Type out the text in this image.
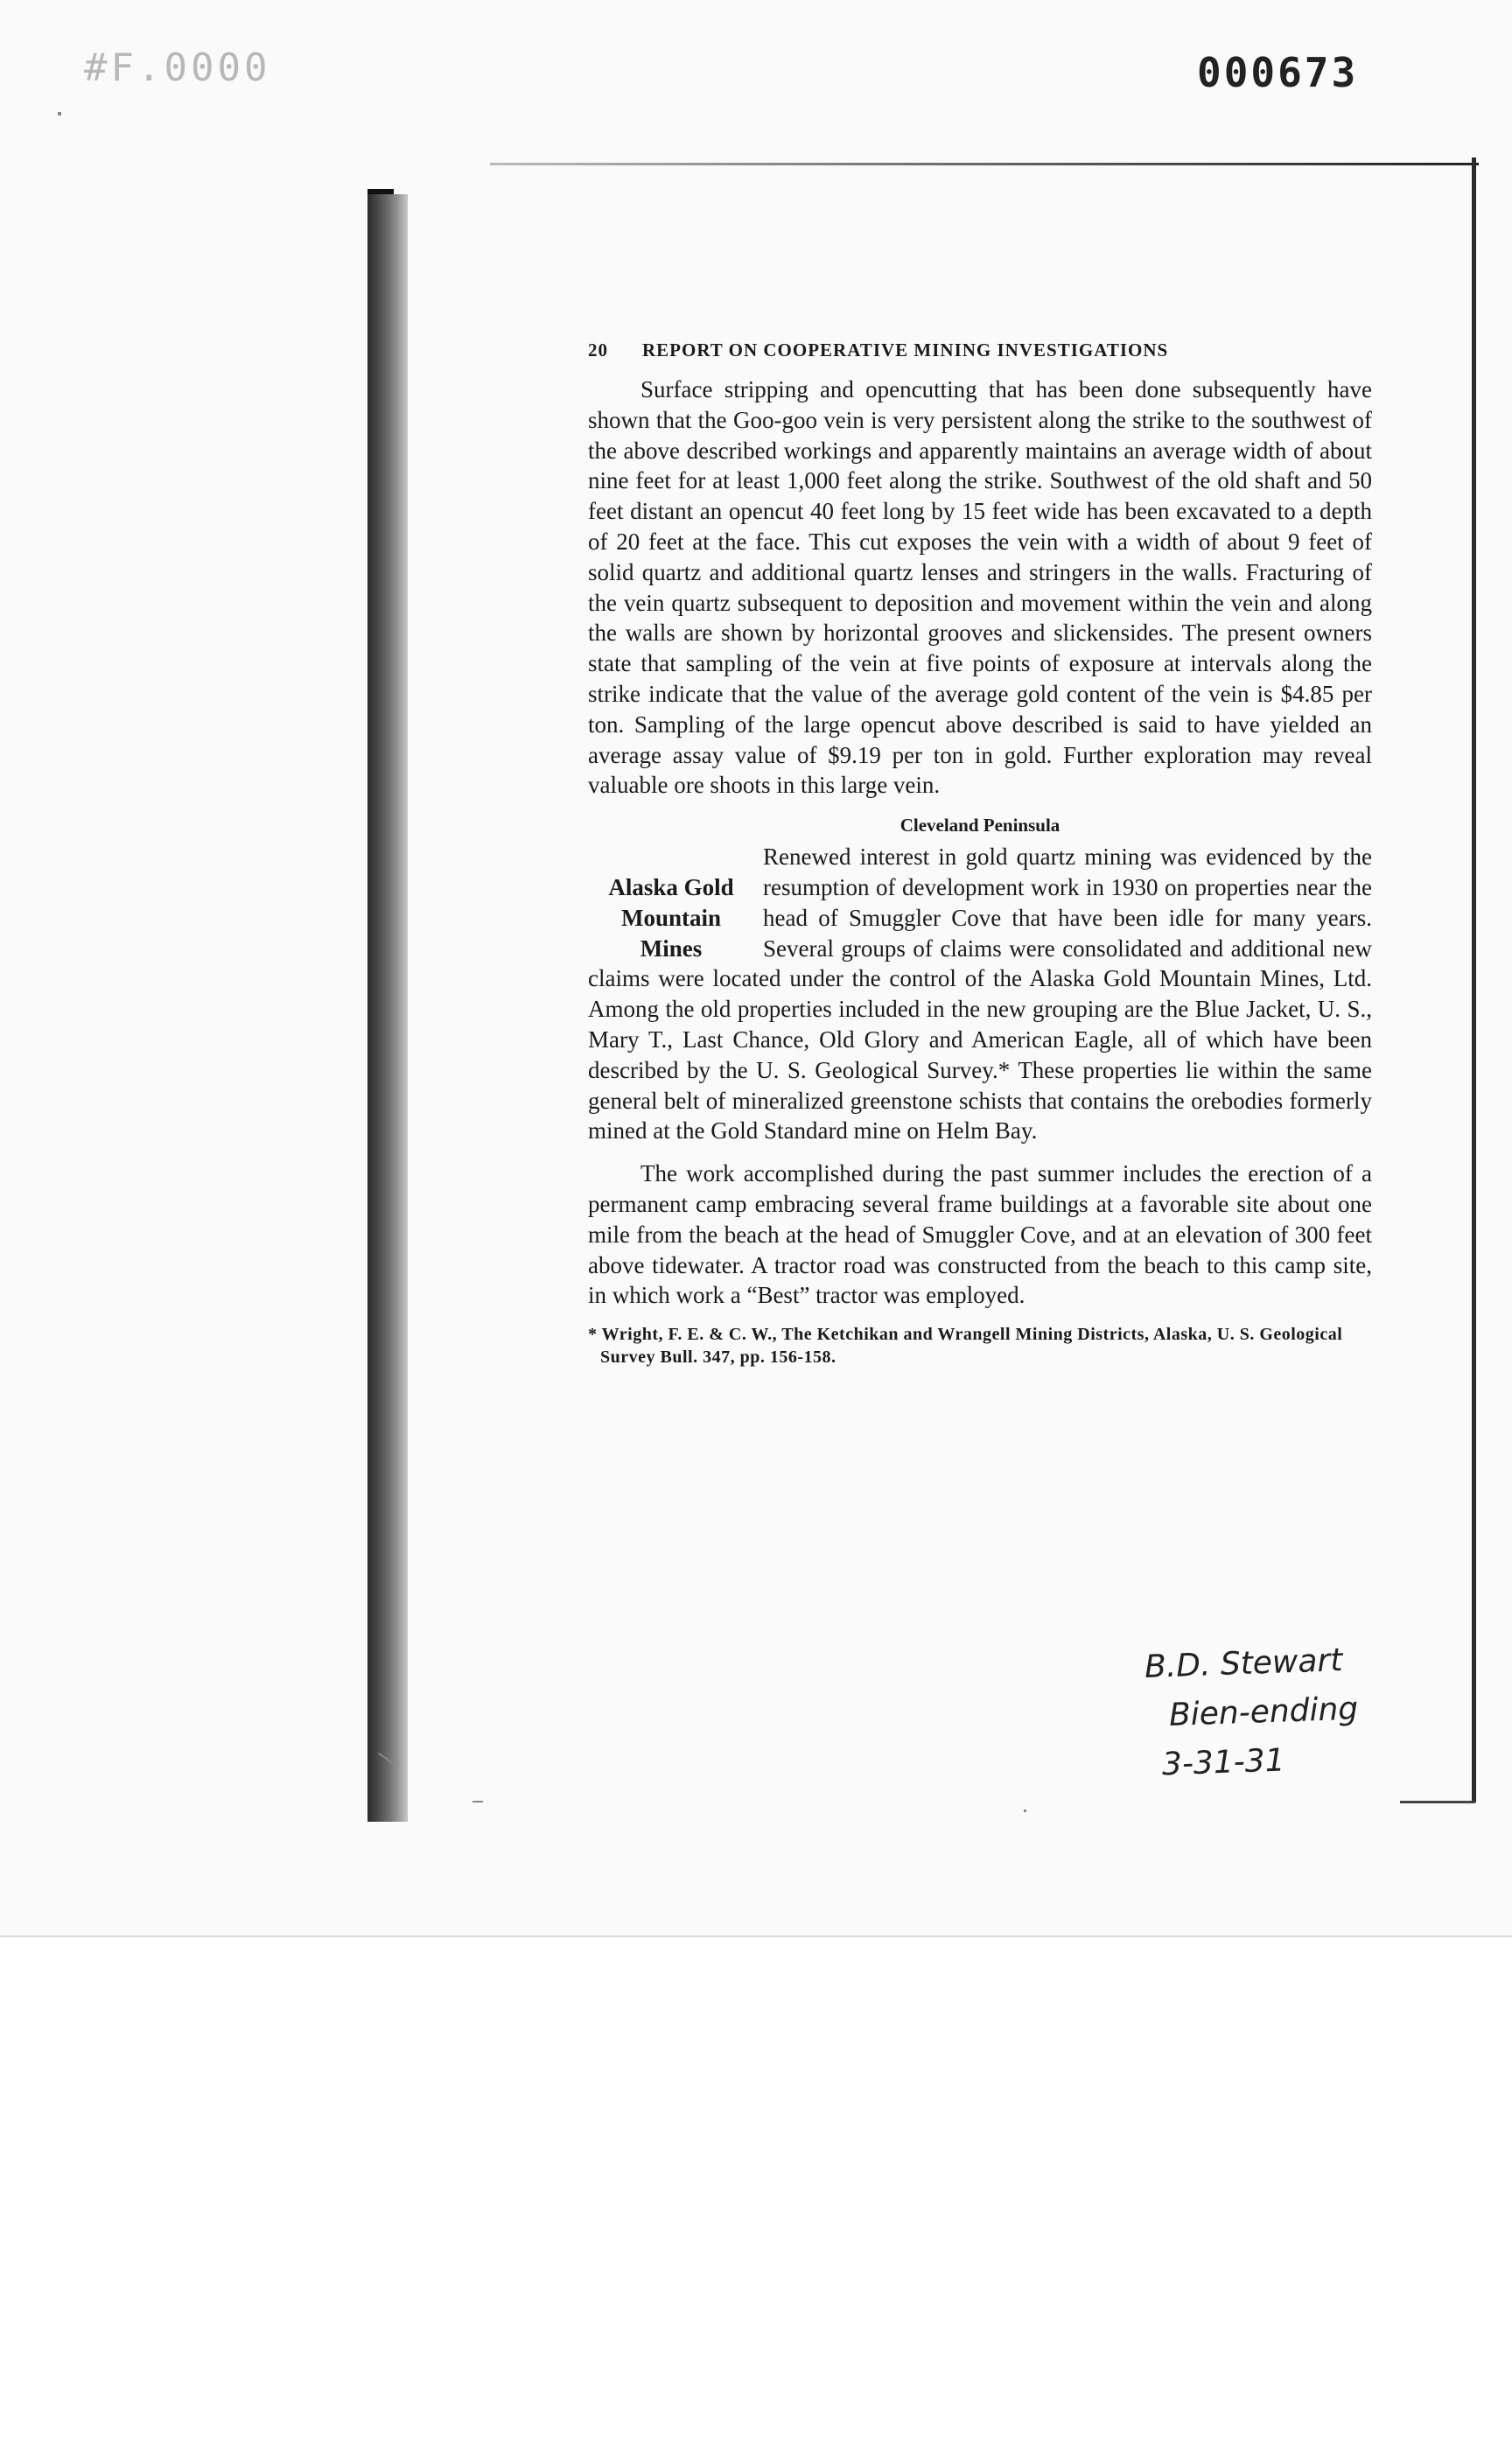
#F.0000	000673
20	REPORT ON COOPERATIVE MINING INVESTIGATIONS

Surface stripping and opencutting that has been done subsequently have shown that the Goo-goo vein is very persistent along the strike to the southwest of the above described workings and apparently maintains an average width of about nine feet for at least 1,000 feet along the strike. Southwest of the old shaft and 50 feet distant an opencut 40 feet long by 15 feet wide has been excavated to a depth of 20 feet at the face. This cut exposes the vein with a width of about 9 feet of solid quartz and additional quartz lenses and stringers in the walls. Fracturing of the vein quartz subsequent to deposition and movement within the vein and along the walls are shown by horizontal grooves and slickensides. The present owners state that sampling of the vein at five points of exposure at intervals along the strike indicate that the value of the average gold content of the vein is $4.85 per ton. Sampling of the large opencut above described is said to have yielded an average assay value of $9.19 per ton in gold. Further exploration may reveal valuable ore shoots in this large vein.

Cleveland Peninsula
Alaska Gold
Mountain
Mines

Renewed interest in gold quartz mining was evidenced by the resumption of development work in 1930 on properties near the head of Smuggler Cove that have been idle for many years. Several groups of claims were consolidated and additional new claims were located under the control of the Alaska Gold Mountain Mines, Ltd. Among the old properties included in the new grouping are the Blue Jacket, U. S., Mary T., Last Chance, Old Glory and American Eagle, all of which have been described by the U. S. Geological Survey.* These properties lie within the same general belt of mineralized greenstone schists that contains the orebodies formerly mined at the Gold Standard mine on Helm Bay.

The work accomplished during the past summer includes the erection of a permanent camp embracing several frame buildings at a favorable site about one mile from the beach at the head of Smuggler Cove, and at an elevation of 300 feet above tidewater. A tractor road was constructed from the beach to this camp site, in which work a “Best” tractor was employed.

* Wright, F. E. & C. W., The Ketchikan and Wrangell Mining Districts, Alaska, U. S. Geological Survey Bull. 347, pp. 156-158.
B.D. Stewart
Bien-ending
3-31-31
